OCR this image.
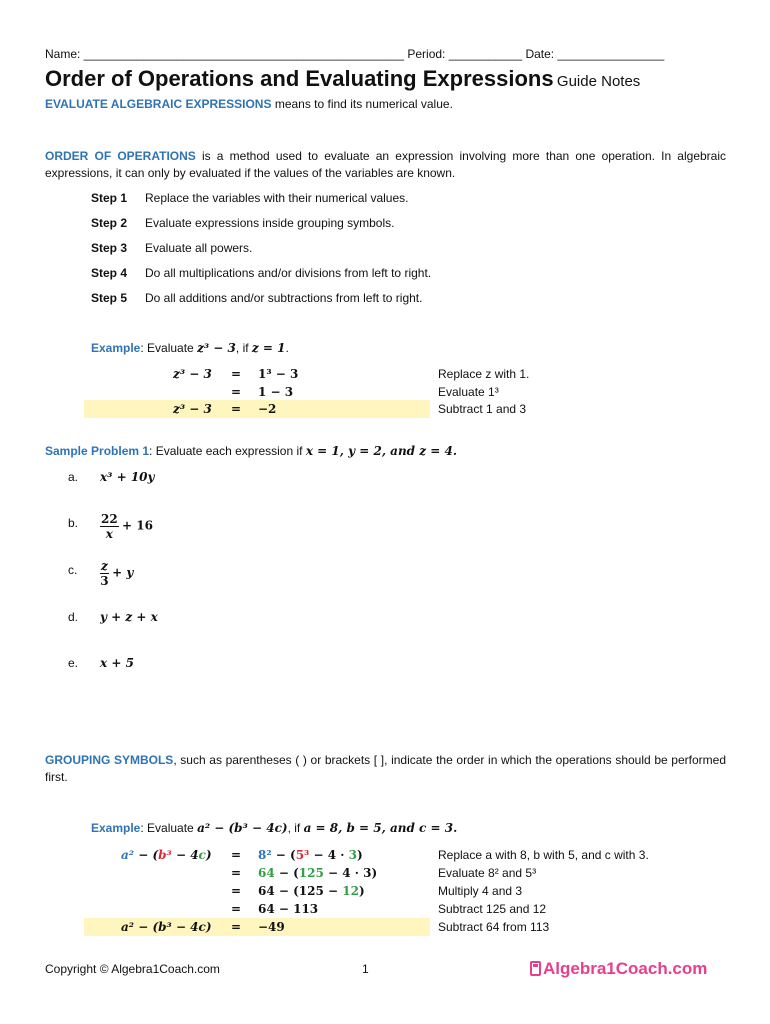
Name: ________________________________________________ Period: ___________ Date: ________________
Order of Operations and Evaluating Expressions Guide Notes
EVALUATE ALGEBRAIC EXPRESSIONS means to find its numerical value.
ORDER OF OPERATIONS is a method used to evaluate an expression involving more than one operation. In algebraic expressions, it can only by evaluated if the values of the variables are known.
Step 1 Replace the variables with their numerical values.
Step 2 Evaluate expressions inside grouping symbols.
Step 3 Evaluate all powers.
Step 4 Do all multiplications and/or divisions from left to right.
Step 5 Do all additions and/or subtractions from left to right.
Example: Evaluate z³ − 3, if z = 1.
z³ − 3 = 1³ − 3	Replace z with 1.
= 1 − 3	Evaluate 1³
z³ − 3 = −2	Subtract 1 and 3
Sample Problem 1: Evaluate each expression if x = 1, y = 2, and z = 4.
a. x³ + 10y
b. $\frac{22}{x} + 16$
c. $\frac{z}{3} + y$
d. y + z + x
e. x + 5
GROUPING SYMBOLS, such as parentheses ( ) or brackets [ ], indicate the order in which the operations should be performed first.
Example: Evaluate a² − (b³ − 4c), if a = 8, b = 5, and c = 3.
a² − (b³ − 4c) = 8² − (5³ − 4 · 3)	Replace a with 8, b with 5, and c with 3.
= 64 − (125 − 4 · 3)	Evaluate 8² and 5³
= 64 − (125 − 12)	Multiply 4 and 3
= 64 − 113	Subtract 125 and 12
a² − (b³ − 4c) = −49	Subtract 64 from 113
Copyright © Algebra1Coach.com	1	Algebra1Coach.com
